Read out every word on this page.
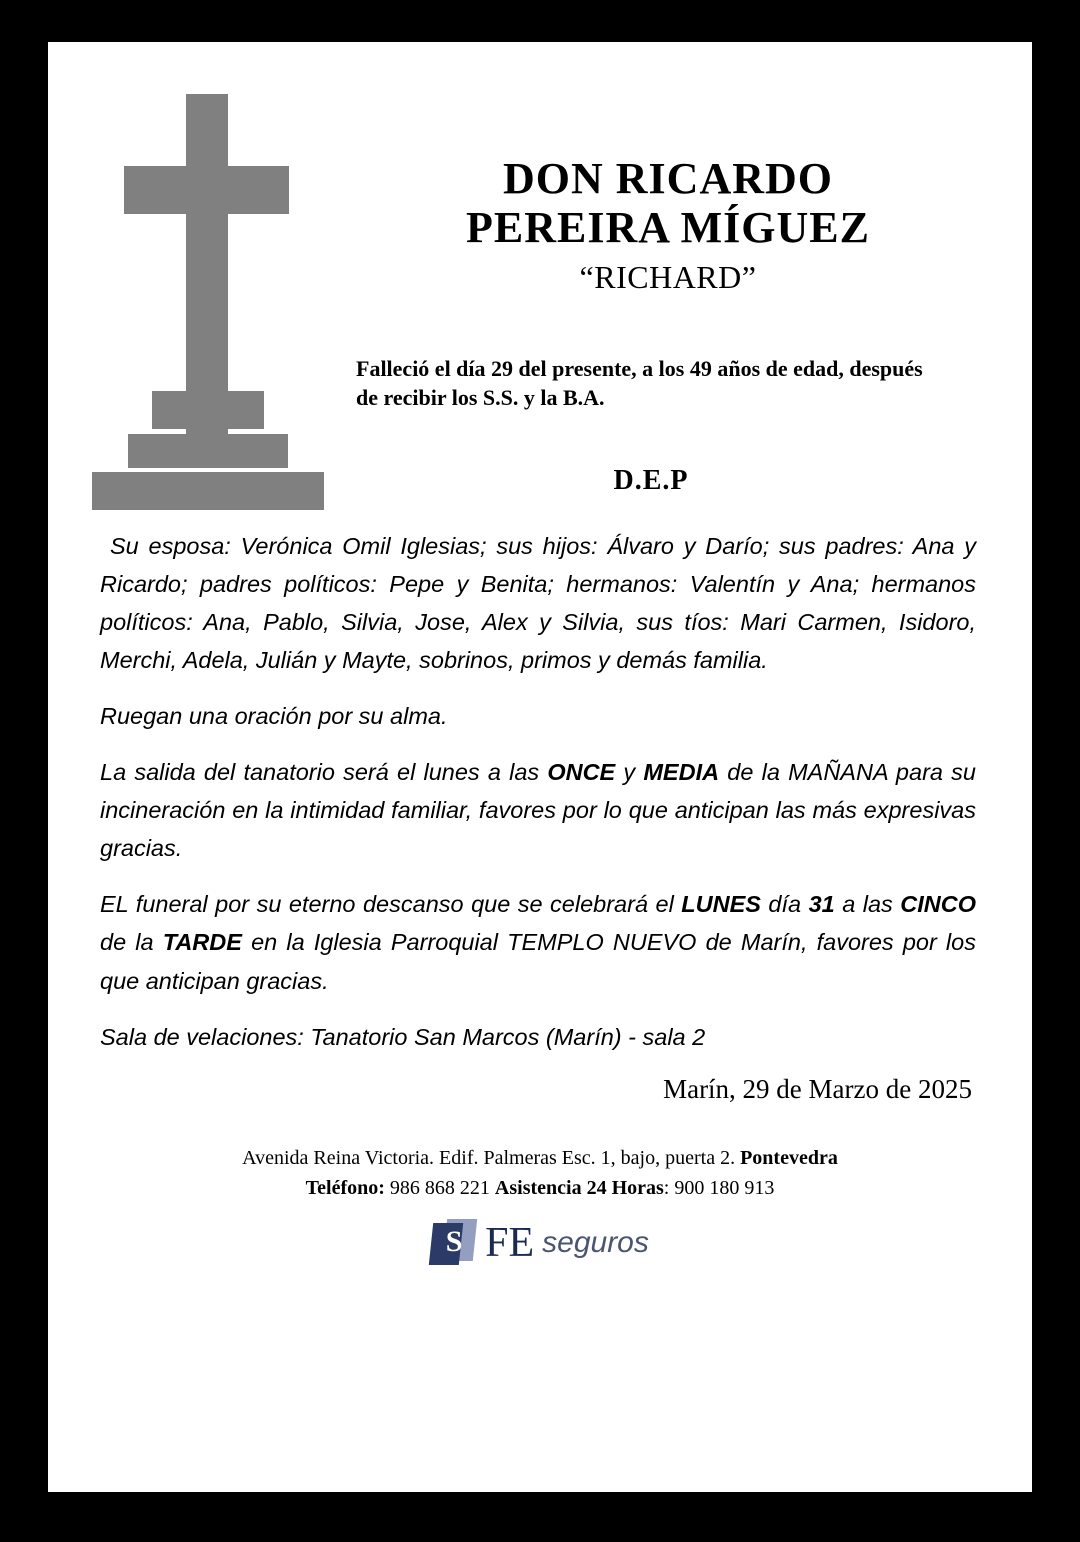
DON RICARDO
PEREIRA MÍGUEZ
“RICHARD”
Falleció el día 29 del presente, a los 49 años de edad, después de recibir los S.S. y la B.A.
D.E.P

Su esposa: Verónica Omil Iglesias; sus hijos: Álvaro y Darío; sus padres: Ana y Ricardo; padres políticos: Pepe y Benita; hermanos: Valentín y Ana; hermanos políticos: Ana, Pablo, Silvia, Jose, Alex y Silvia, sus tíos: Mari Carmen, Isidoro, Merchi, Adela, Julián y Mayte, sobrinos, primos y demás familia.

Ruegan una oración por su alma.

La salida del tanatorio será el lunes a las ONCE y MEDIA de la MAÑANA para su incineración en la intimidad familiar, favores por lo que anticipan las más expresivas gracias.

EL funeral por su eterno descanso que se celebrará el LUNES día 31 a las CINCO de la TARDE en la Iglesia Parroquial TEMPLO NUEVO de Marín, favores por los que anticipan gracias.

Sala de velaciones: Tanatorio San Marcos (Marín) - sala 2

Marín, 29 de Marzo de 2025
Avenida Reina Victoria. Edif. Palmeras Esc. 1, bajo, puerta 2. Pontevedra
Teléfono: 986 868 221 Asistencia 24 Horas: 900 180 913
S FE seguros
